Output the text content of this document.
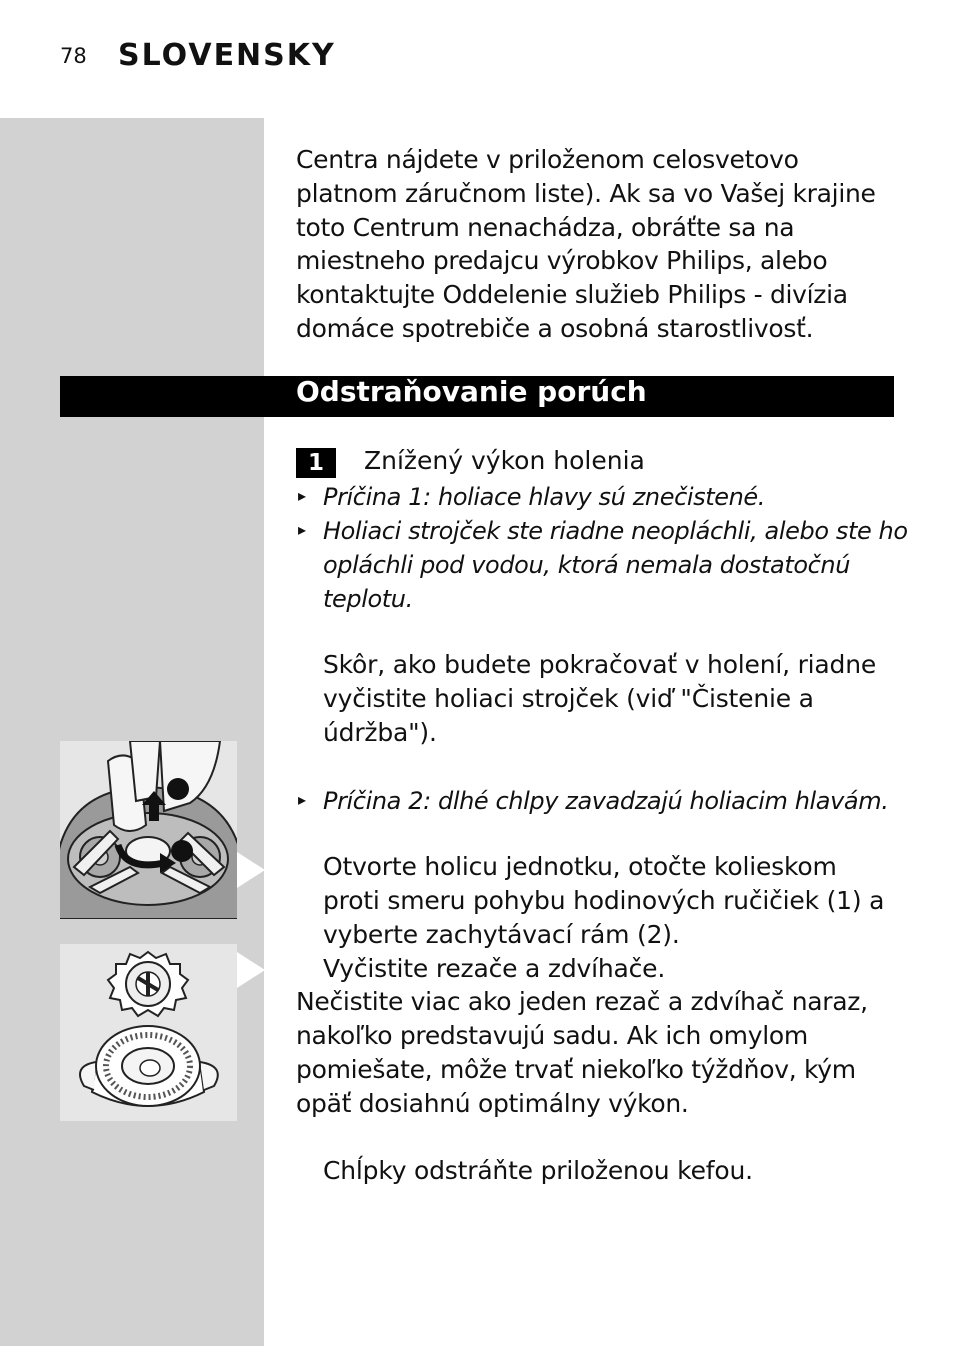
78 SLOVENSKY
Centra nájdete v priloženom celosvetovo
platnom záručnom liste). Ak sa vo Vašej krajine
toto Centrum nenachádza, obráťte sa na
miestneho predajcu výrobkov Philips, alebo
kontaktujte Oddelenie služieb Philips - divízia
domáce spotrebiče a osobná starostlivosť.
Odstraňovanie porúch
1	Znížený výkon holenia
▸ Príčina 1: holiace hlavy sú znečistené.
▸ Holiaci strojček ste riadne neopláchli, alebo ste ho
opláchli pod vodou, ktorá nemala dostatočnú
teplotu.
Skôr, ako budete pokračovať v holení, riadne
vyčistite holiaci strojček (viď "Čistenie a
údržba").
▸ Príčina 2: dlhé chlpy zavadzajú holiacim hlavám.
Otvorte holicu jednotku, otočte kolieskom
proti smeru pohybu hodinových ručičiek (1) a
vyberte zachytávací rám (2).
Vyčistite rezače a zdvíhače.
Nečistite viac ako jeden rezač a zdvíhač naraz,
nakoľko predstavujú sadu. Ak ich omylom
pomiešate, môže trvať niekoľko týždňov, kým
opäť dosiahnú optimálny výkon.
Chĺpky odstráňte priloženou kefou.
